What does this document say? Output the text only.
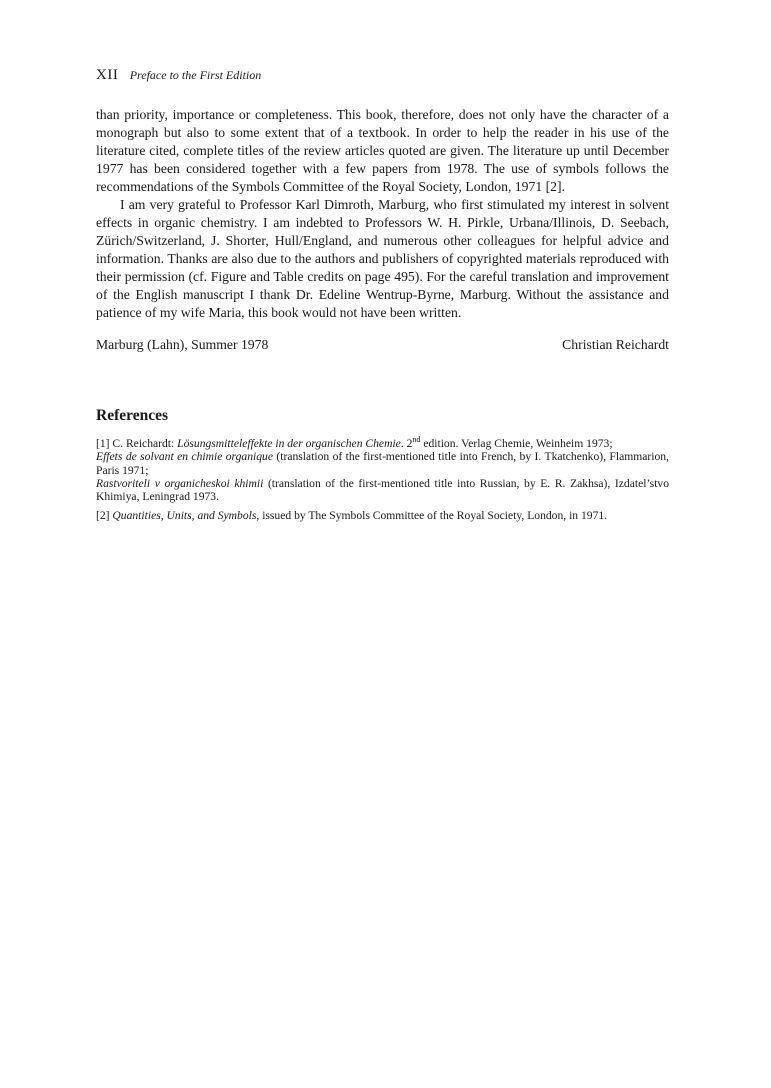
XII Preface to the First Edition

than priority, importance or completeness. This book, therefore, does not only have the character of a monograph but also to some extent that of a textbook. In order to help the reader in his use of the literature cited, complete titles of the review articles quoted are given. The literature up until December 1977 has been considered together with a few papers from 1978. The use of symbols follows the recommendations of the Symbols Committee of the Royal Society, London, 1971 [2].

I am very grateful to Professor Karl Dimroth, Marburg, who first stimulated my interest in solvent effects in organic chemistry. I am indebted to Professors W. H. Pirkle, Urbana/Illinois, D. Seebach, Zürich/Switzerland, J. Shorter, Hull/England, and numerous other colleagues for helpful advice and information. Thanks are also due to the authors and publishers of copyrighted materials reproduced with their permission (cf. Figure and Table credits on page 495). For the careful translation and improvement of the English manuscript I thank Dr. Edeline Wentrup-Byrne, Marburg. Without the assistance and patience of my wife Maria, this book would not have been written.

Marburg (Lahn), Summer 1978	Christian Reichardt
References
[1] C. Reichardt: Lösungsmitteleffekte in der organischen Chemie. 2nd edition. Verlag Chemie, Weinheim 1973;
Effets de solvant en chimie organique (translation of the first-mentioned title into French, by I. Tkatchenko), Flammarion, Paris 1971;
Rastvoriteli v organicheskoi khimii (translation of the first-mentioned title into Russian, by E. R. Zakhsa), Izdatel’stvo Khimiya, Leningrad 1973.
[2] Quantities, Units, and Symbols, issued by The Symbols Committee of the Royal Society, London, in 1971.
